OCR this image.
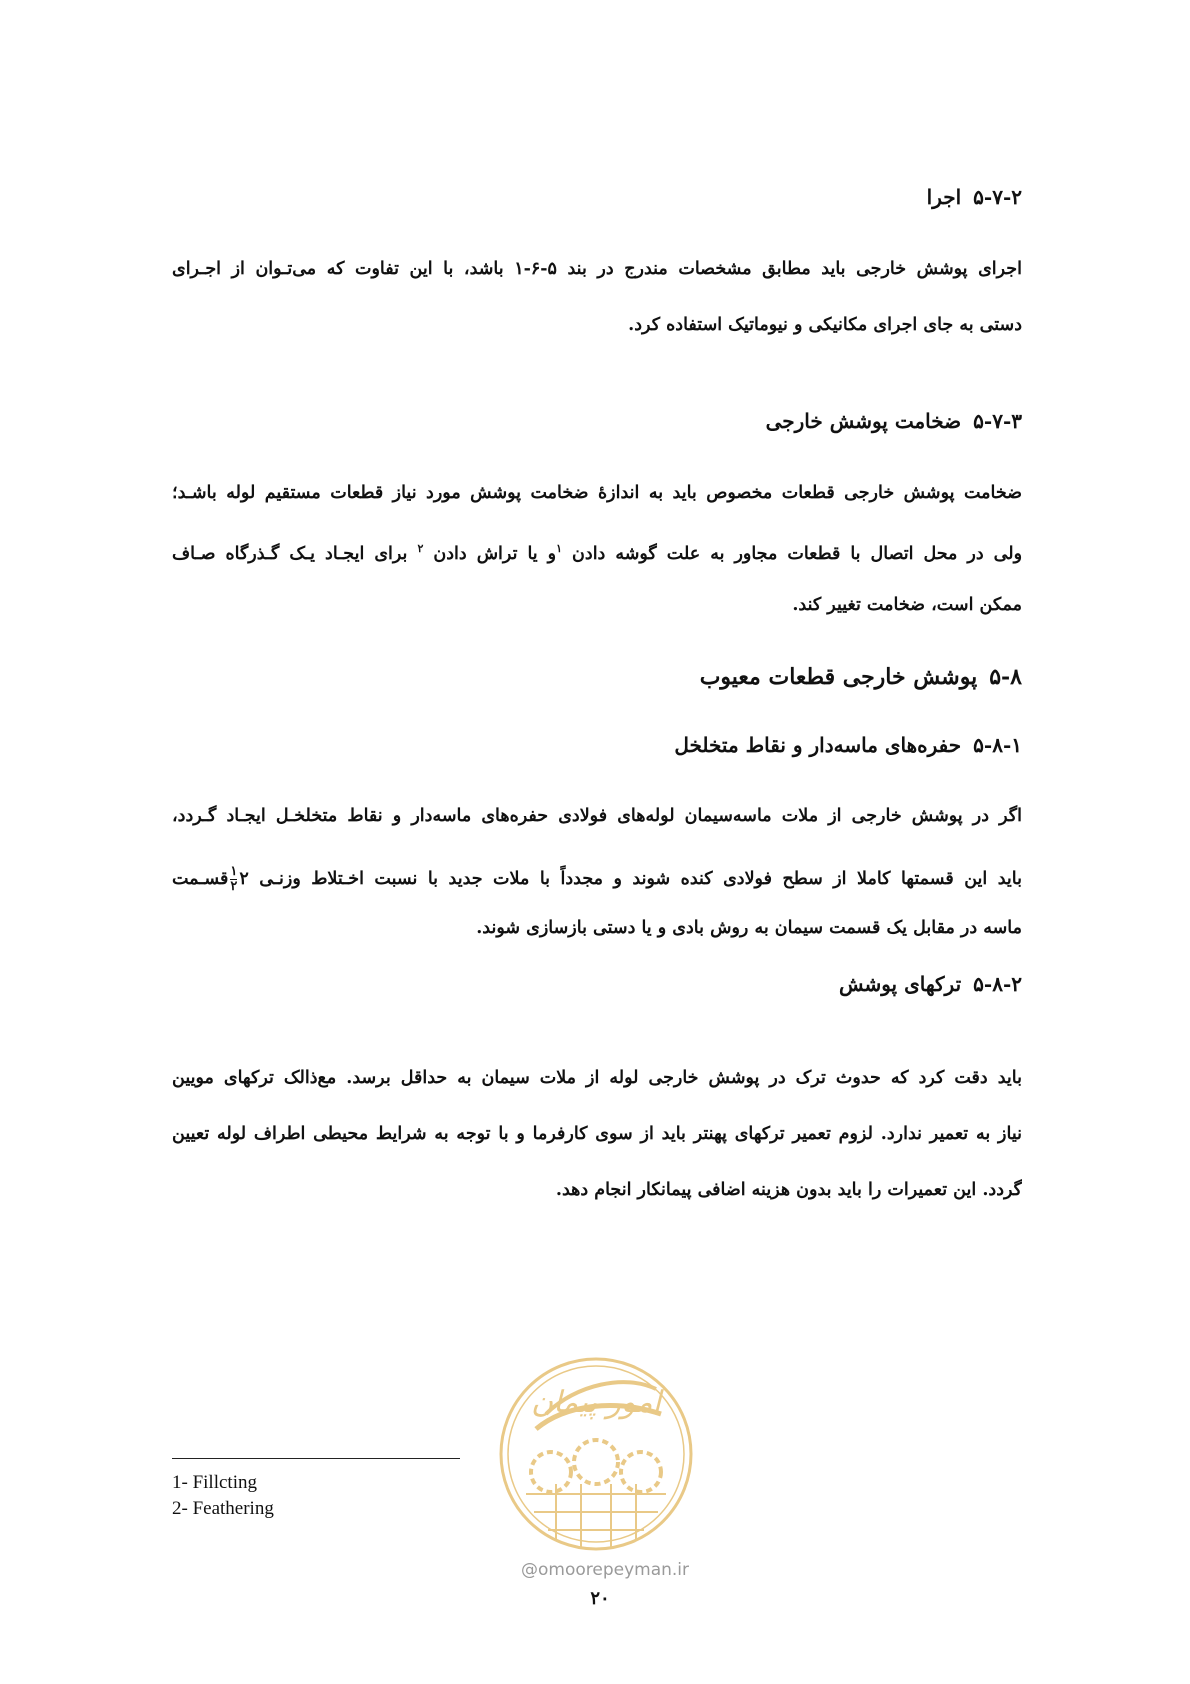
۵-۷-۲اجرا
اجرای پوشش خارجی باید مطابق مشخصات مندرج در بند ۵-۶-۱ باشد، با این تفاوت که می‌تـوان از اجـرای
دستی به جای اجرای مکانیکی و نیوماتیک استفاده کرد.
۵-۷-۳ضخامت پوشش خارجی
ضخامت پوشش خارجی قطعات مخصوص باید به اندازهٔ ضخامت پوشش مورد نیاز قطعات مستقیم لوله باشـد؛
ولی در محل اتصال با قطعات مجاور به علت گوشه دادن $^۱$و یا تراش دادن $^۲$ برای ایجـاد یـک گـذرگاه صـاف
ممکن است، ضخامت تغییر کند.
۵-۸پوشش خارجی قطعات معیوب
۵-۸-۱حفره‌های ماسه‌دار و نقاط متخلخل
اگر در پوشش خارجی از ملات ماسه‌سیمان لوله‌های فولادی حفره‌های ماسه‌دار و نقاط متخلخـل ایجـاد گـردد،
باید این قسمتها کاملا از سطح فولادی کنده شوند و مجدداً با ملات جدید با نسبت اخـتلاط وزنـی ۲
$\frac{۱}{۲}$
قسـمت
ماسه در مقابل یک قسمت سیمان به روش بادی و یا دستی بازسازی شوند.
۵-۸-۲ترکهای پوشش
باید دقت کرد که حدوث ترک در پوشش خارجی لوله از ملات سیمان به حداقل برسد. مع‌ذالک ترکهای مویین
نیاز به تعمیر ندارد. لزوم تعمیر ترکهای پهنتر باید از سوی کارفرما و با توجه به شرایط محیطی اطراف لوله تعیین
گردد. این تعمیرات را باید بدون هزینه اضافی پیمانکار انجام دهد.
امور پیمان
@omoorepeyman.ir
1- Fillcting
2- Feathering
۲۰
